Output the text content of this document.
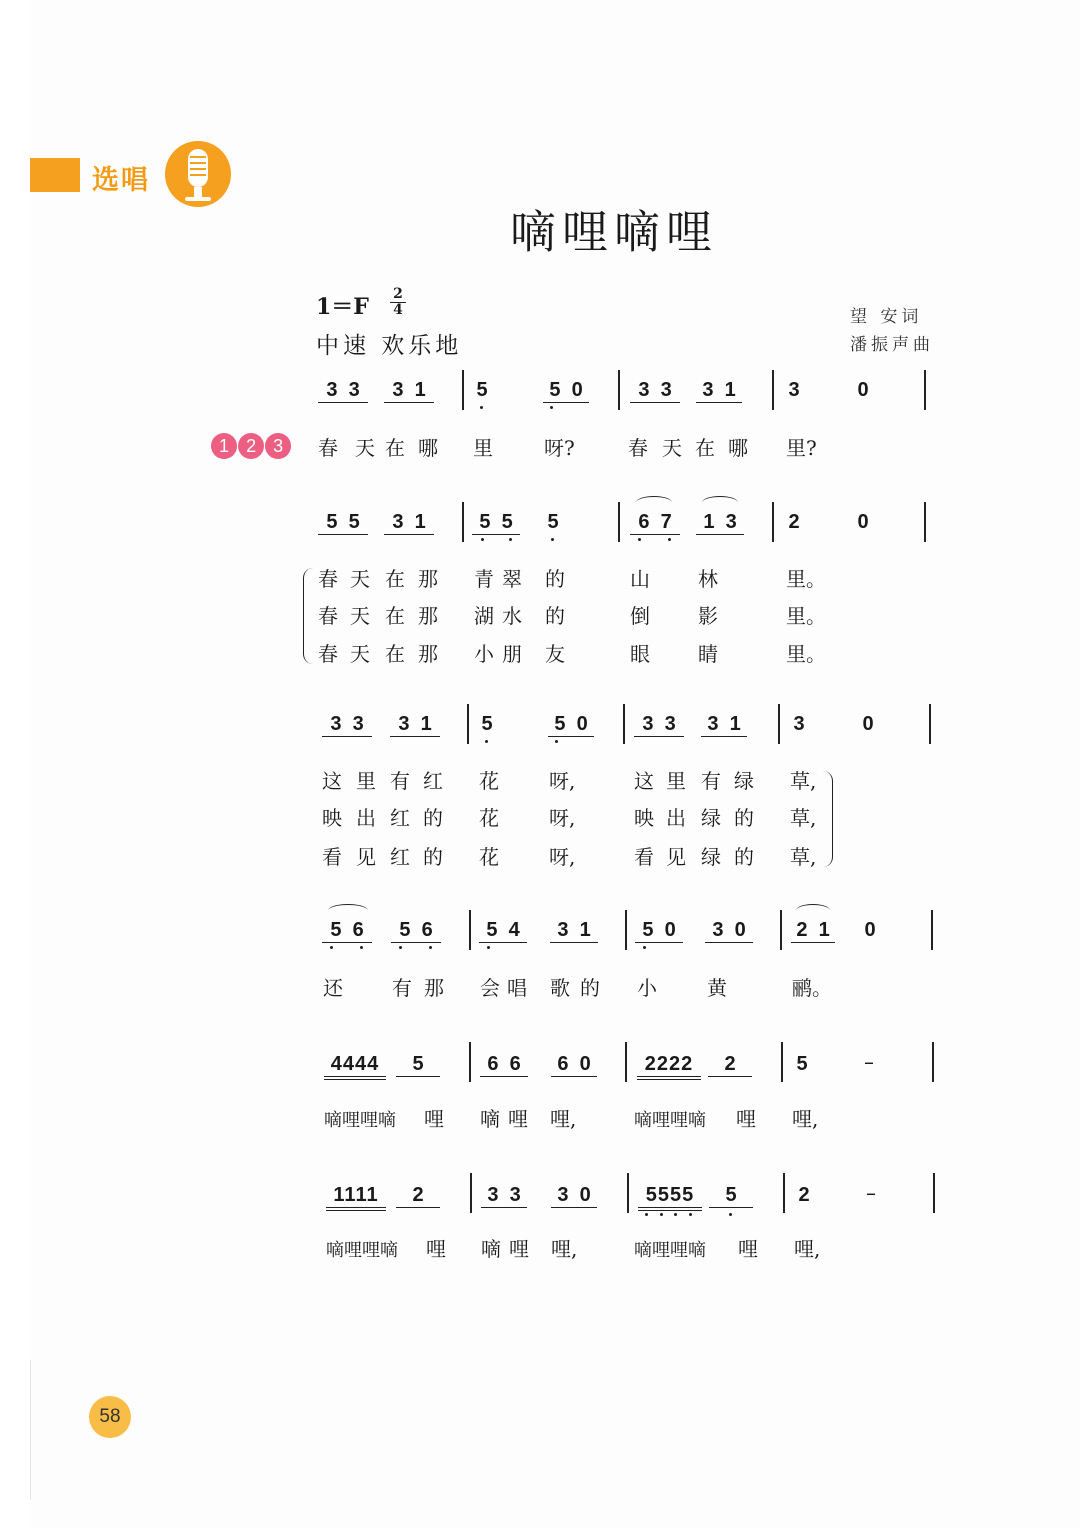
选唱
嘀哩嘀哩
1＝F 2
4
中速 欢乐地
望 安词
潘振声曲
1 2 3
3 3	3 1	5	5 0	3 3	3 1	3	0
春 天 在 哪 里	呀?	春 天 在 哪 里?
5 5	3 1	5 5	5	6 7	1 3	2	0
春 天 在 那 青 翠 的	山 林	里。
春 天 在 那 湖 水 的	倒 影	里。
春 天 在 那 小 朋 友	眼 睛	里。
3 3	3 1	5	5 0	3 3	3 1	3	0
这 里 有 红 花	呀,	这 里 有 绿 草,
映 出 红 的 花	呀,	映 出 绿 的 草,
看 见 红 的 花	呀,	看 见 绿 的 草,
5 6	5 6	5 4	3 1	5 0	3 0	2 1 0
还 有 那 会 唱 歌 的 小	黄	鹂。
4444	5	6 6	6 0	2222	2	5	–
嘀哩哩嘀 哩 嘀 哩 哩,	嘀哩哩嘀 哩 哩,
1111	2	3 3	3 0	5555	5	2	–
嘀哩哩嘀 哩 嘀 哩 哩,	嘀哩哩嘀 哩 哩,
58
